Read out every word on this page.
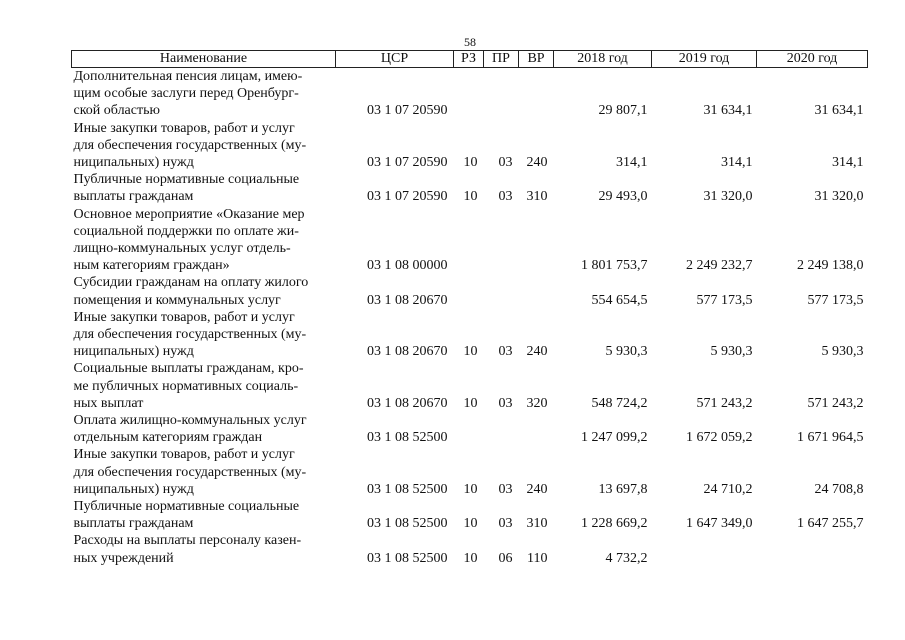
58
Наименование	ЦСР	РЗ	ПР	ВР	2018 год	2019 год	2020 год

Дополнительная пенсия лицам, имею-
щим особые заслуги перед Оренбург-
ской областью	03 1 07 20590				29 807,1	31 634,1	31 634,1

Иные закупки товаров, работ и услуг
для обеспечения государственных (му-
ниципальных) нужд	03 1 07 20590	10	03	240	314,1	314,1	314,1

Публичные нормативные социальные
выплаты гражданам	03 1 07 20590	10	03	310	29 493,0	31 320,0	31 320,0

Основное мероприятие «Оказание мер
социальной поддержки по оплате жи-
лищно-коммунальных услуг отдель-
ным категориям граждан»	03 1 08 00000				1 801 753,7	2 249 232,7	2 249 138,0

Субсидии гражданам на оплату жилого
помещения и коммунальных услуг	03 1 08 20670				554 654,5	577 173,5	577 173,5

Иные закупки товаров, работ и услуг
для обеспечения государственных (му-
ниципальных) нужд	03 1 08 20670	10	03	240	5 930,3	5 930,3	5 930,3

Социальные выплаты гражданам, кро-
ме публичных нормативных социаль-
ных выплат	03 1 08 20670	10	03	320	548 724,2	571 243,2	571 243,2

Оплата жилищно-коммунальных услуг
отдельным категориям граждан	03 1 08 52500				1 247 099,2	1 672 059,2	1 671 964,5

Иные закупки товаров, работ и услуг
для обеспечения государственных (му-
ниципальных) нужд	03 1 08 52500	10	03	240	13 697,8	24 710,2	24 708,8

Публичные нормативные социальные
выплаты гражданам	03 1 08 52500	10	03	310	1 228 669,2	1 647 349,0	1 647 255,7

Расходы на выплаты персоналу казен-
ных учреждений	03 1 08 52500	10	06	110	4 732,2		
